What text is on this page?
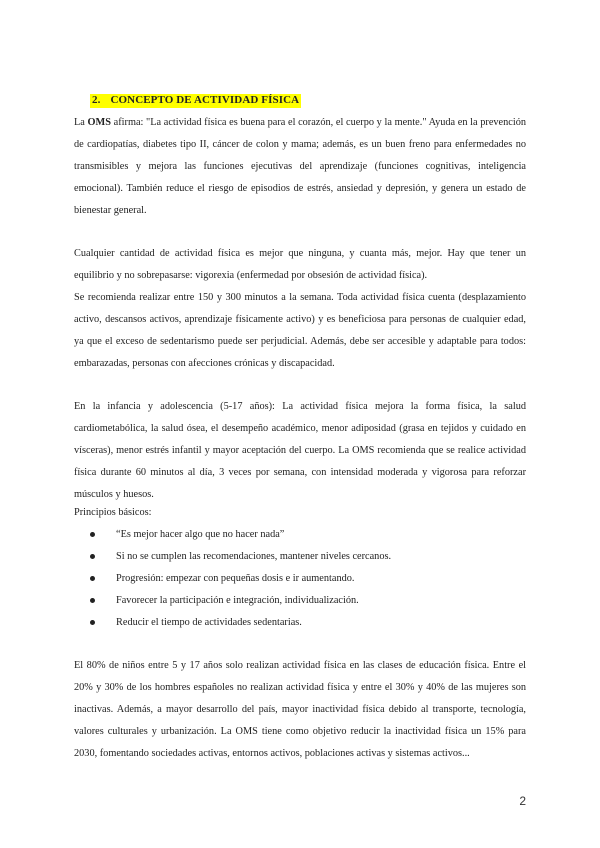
2. CONCEPTO DE ACTIVIDAD FÍSICA

La OMS afirma: "La actividad física es buena para el corazón, el cuerpo y la mente." Ayuda en la prevención de cardiopatías, diabetes tipo II, cáncer de colon y mama; además, es un buen freno para enfermedades no transmisibles y mejora las funciones ejecutivas del aprendizaje (funciones cognitivas, inteligencia emocional). También reduce el riesgo de episodios de estrés, ansiedad y depresión, y genera un estado de bienestar general.

Cualquier cantidad de actividad física es mejor que ninguna, y cuanta más, mejor. Hay que tener un equilibrio y no sobrepasarse: vigorexia (enfermedad por obsesión de actividad física).

Se recomienda realizar entre 150 y 300 minutos a la semana. Toda actividad física cuenta (desplazamiento activo, descansos activos, aprendizaje físicamente activo) y es beneficiosa para personas de cualquier edad, ya que el exceso de sedentarismo puede ser perjudicial. Además, debe ser accesible y adaptable para todos: embarazadas, personas con afecciones crónicas y discapacidad.

En la infancia y adolescencia (5-17 años): La actividad física mejora la forma física, la salud cardiometabólica, la salud ósea, el desempeño académico, menor adiposidad (grasa en tejidos y cuidado en vísceras), menor estrés infantil y mayor aceptación del cuerpo. La OMS recomienda que se realice actividad física durante 60 minutos al día, 3 veces por semana, con intensidad moderada y vigorosa para reforzar músculos y huesos.

Principios básicos:
“Es mejor hacer algo que no hacer nada”
Si no se cumplen las recomendaciones, mantener niveles cercanos.
Progresión: empezar con pequeñas dosis e ir aumentando.
Favorecer la participación e integración, individualización.
Reducir el tiempo de actividades sedentarias.

El 80% de niños entre 5 y 17 años solo realizan actividad física en las clases de educación física. Entre el 20% y 30% de los hombres españoles no realizan actividad física y entre el 30% y 40% de las mujeres son inactivas. Además, a mayor desarrollo del país, mayor inactividad física debido al transporte, tecnología, valores culturales y urbanización. La OMS tiene como objetivo reducir la inactividad física un 15% para 2030, fomentando sociedades activas, entornos activos, poblaciones activas y sistemas activos...

2
